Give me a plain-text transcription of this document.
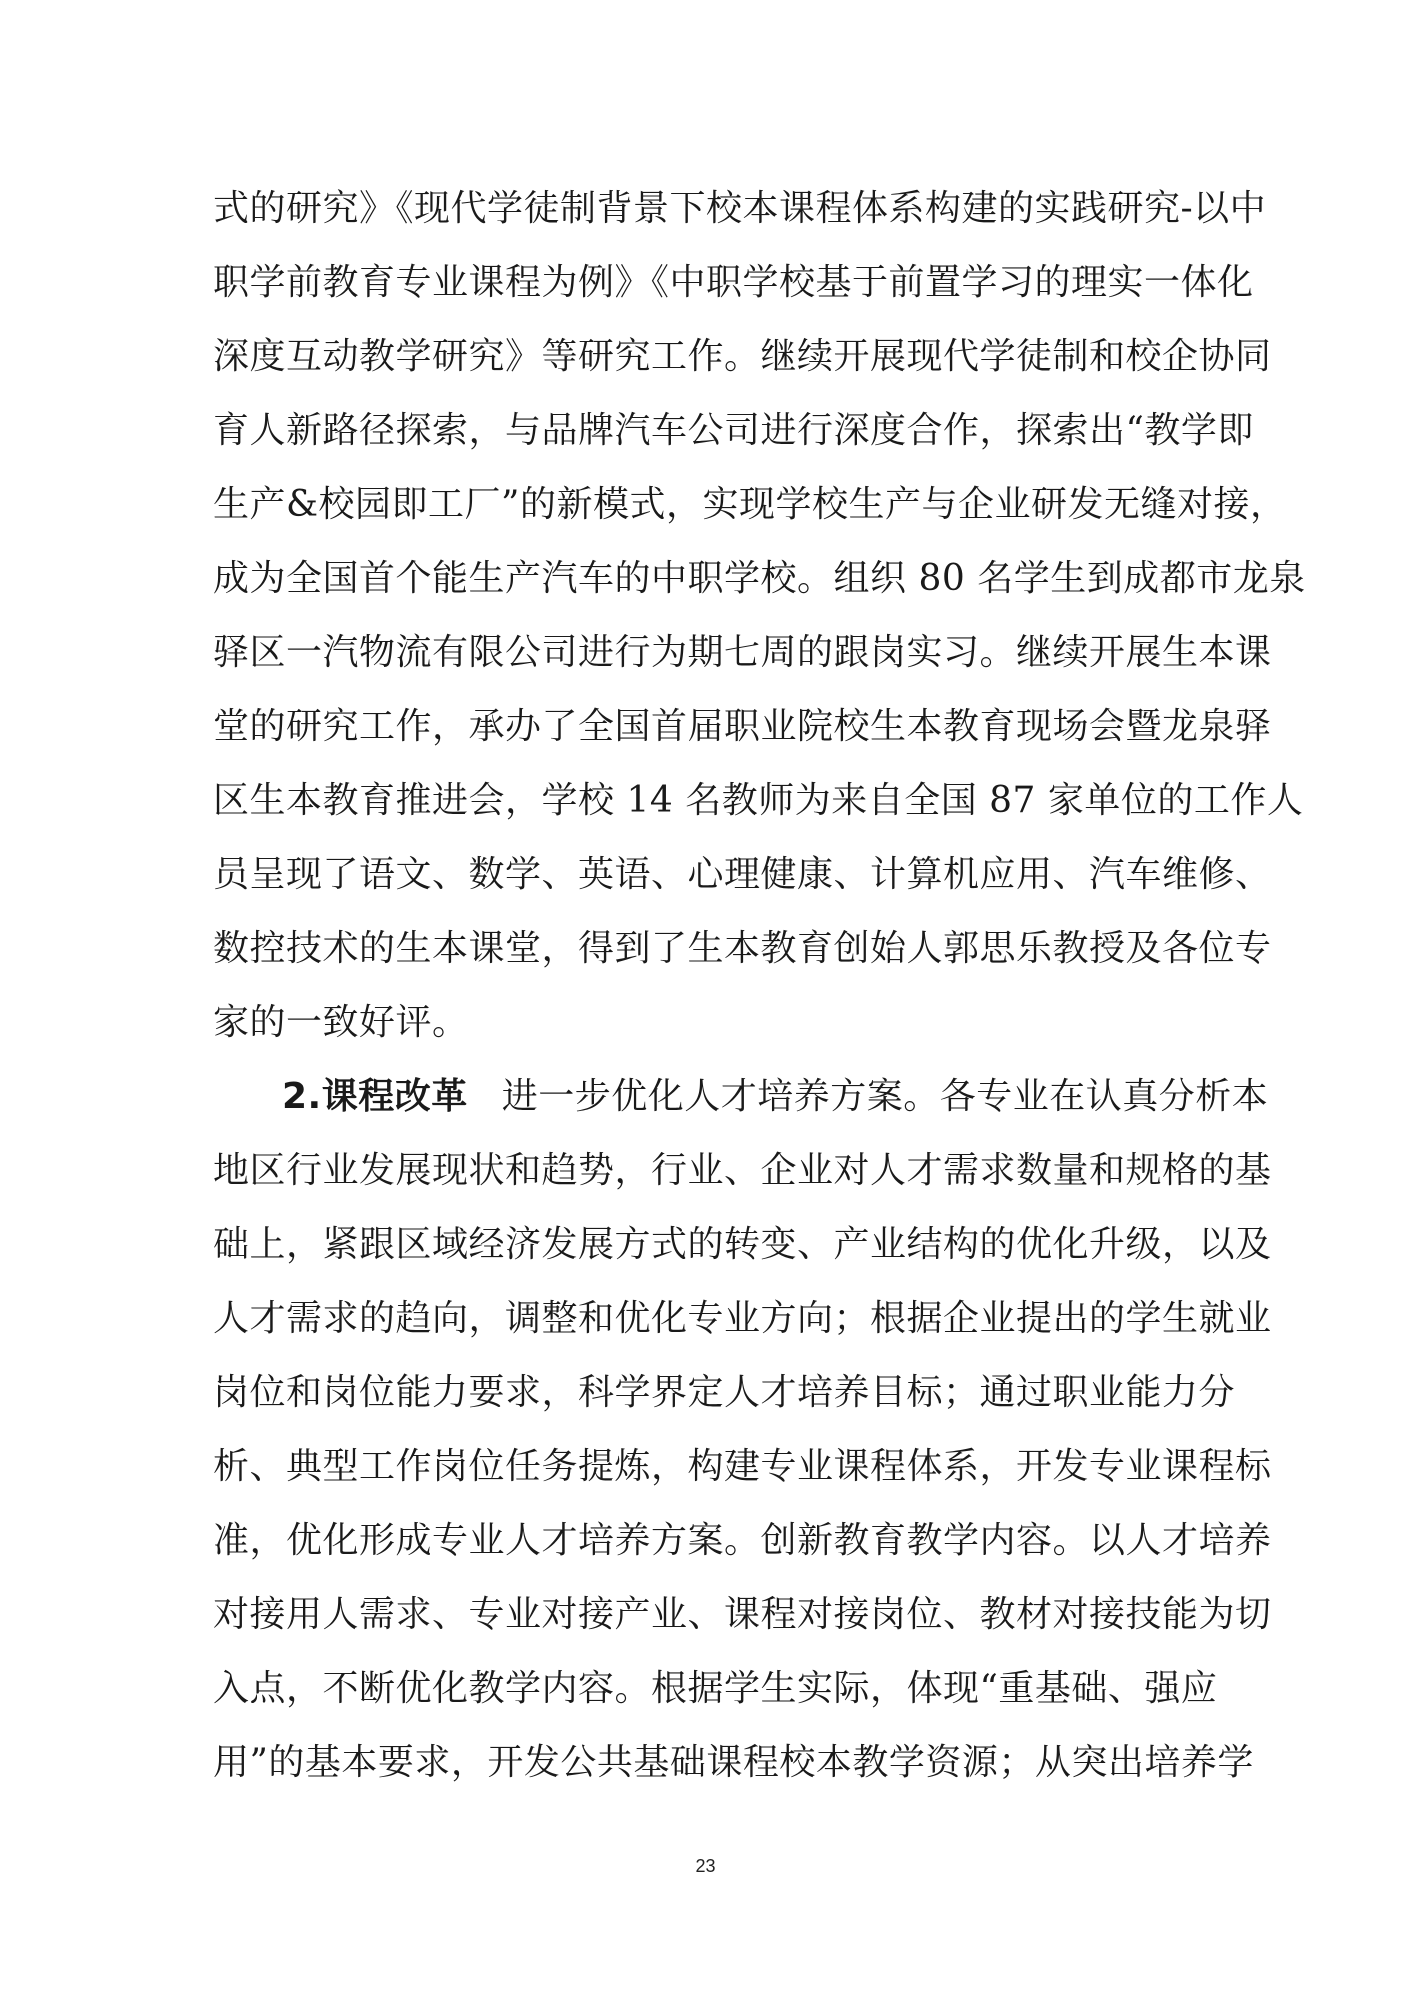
式的研究》《现代学徒制背景下校本课程体系构建的实践研究-以中
职学前教育专业课程为例》《中职学校基于前置学习的理实一体化
深度互动教学研究》等研究工作。继续开展现代学徒制和校企协同
育人新路径探索，与品牌汽车公司进行深度合作，探索出“教学即
生产&校园即工厂”的新模式，实现学校生产与企业研发无缝对接，
成为全国首个能生产汽车的中职学校。组织 80 名学生到成都市龙泉
驿区一汽物流有限公司进行为期七周的跟岗实习。继续开展生本课
堂的研究工作，承办了全国首届职业院校生本教育现场会暨龙泉驿
区生本教育推进会，学校 14 名教师为来自全国 87 家单位的工作人
员呈现了语文、数学、英语、心理健康、计算机应用、汽车维修、
数控技术的生本课堂，得到了生本教育创始人郭思乐教授及各位专
家的一致好评。
2.课程改革 进一步优化人才培养方案。各专业在认真分析本
地区行业发展现状和趋势，行业、企业对人才需求数量和规格的基
础上，紧跟区域经济发展方式的转变、产业结构的优化升级，以及
人才需求的趋向，调整和优化专业方向；根据企业提出的学生就业
岗位和岗位能力要求，科学界定人才培养目标；通过职业能力分
析、典型工作岗位任务提炼，构建专业课程体系，开发专业课程标
准，优化形成专业人才培养方案。创新教育教学内容。以人才培养
对接用人需求、专业对接产业、课程对接岗位、教材对接技能为切
入点，不断优化教学内容。根据学生实际，体现“重基础、强应
用”的基本要求，开发公共基础课程校本教学资源；从突出培养学
23
